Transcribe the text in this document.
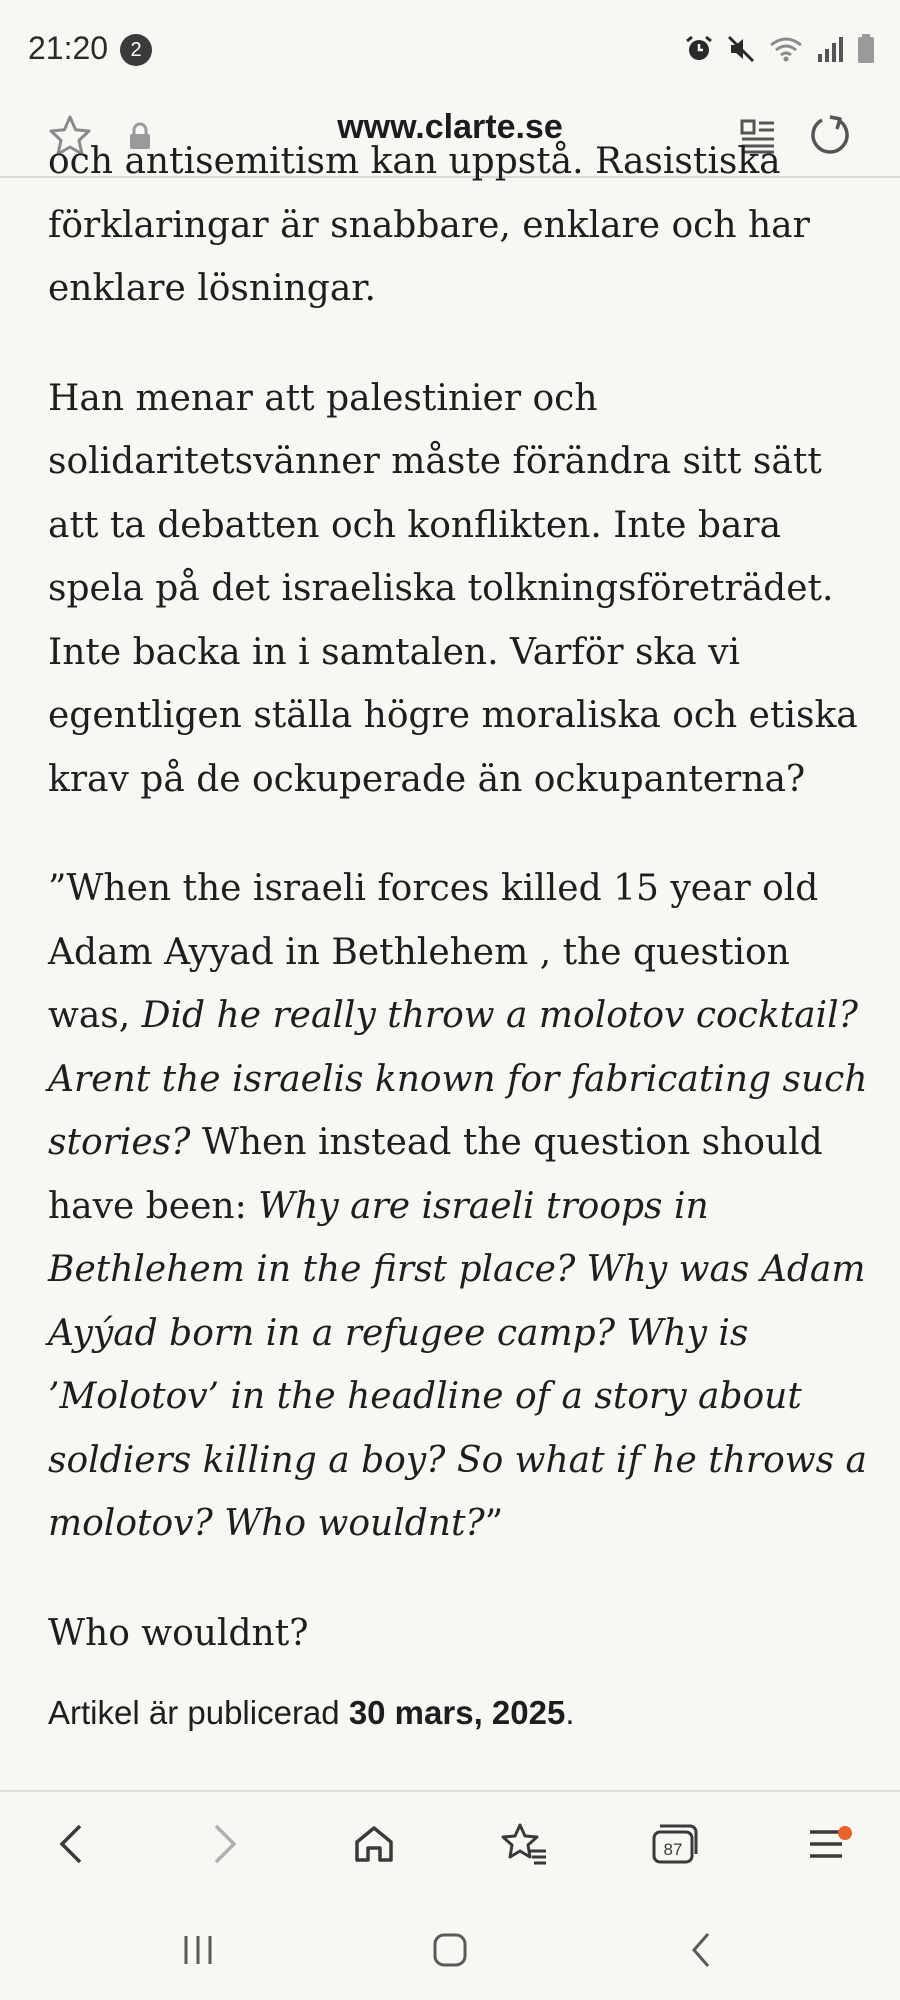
21:20	2
www.clarte.se

och antisemitism kan uppstå. Rasistiska förklaringar är snabbare, enklare och har enklare lösningar.

Han menar att palestinier och solidaritetsvänner måste förändra sitt sätt att ta debatten och konflikten. Inte bara spela på det israeliska tolkningsföreträdet. Inte backa in i samtalen. Varför ska vi egentligen ställa högre moraliska och etiska krav på de ockuperade än ockupanterna?

”When the israeli forces killed 15 year old Adam Ayyad in Bethlehem , the question was, Did he really throw a molotov cocktail? Arent the israelis known for fabricating such stories? When instead the question should have been: Why are israeli troops in Bethlehem in the first place? Why was Adam Ayýad born in a refugee camp? Why is ’Molotov’ in the headline of a story about soldiers killing a boy? So what if he throws a molotov? Who wouldnt?”

Who wouldnt?

Artikel är publicerad 30 mars, 2025.
87
